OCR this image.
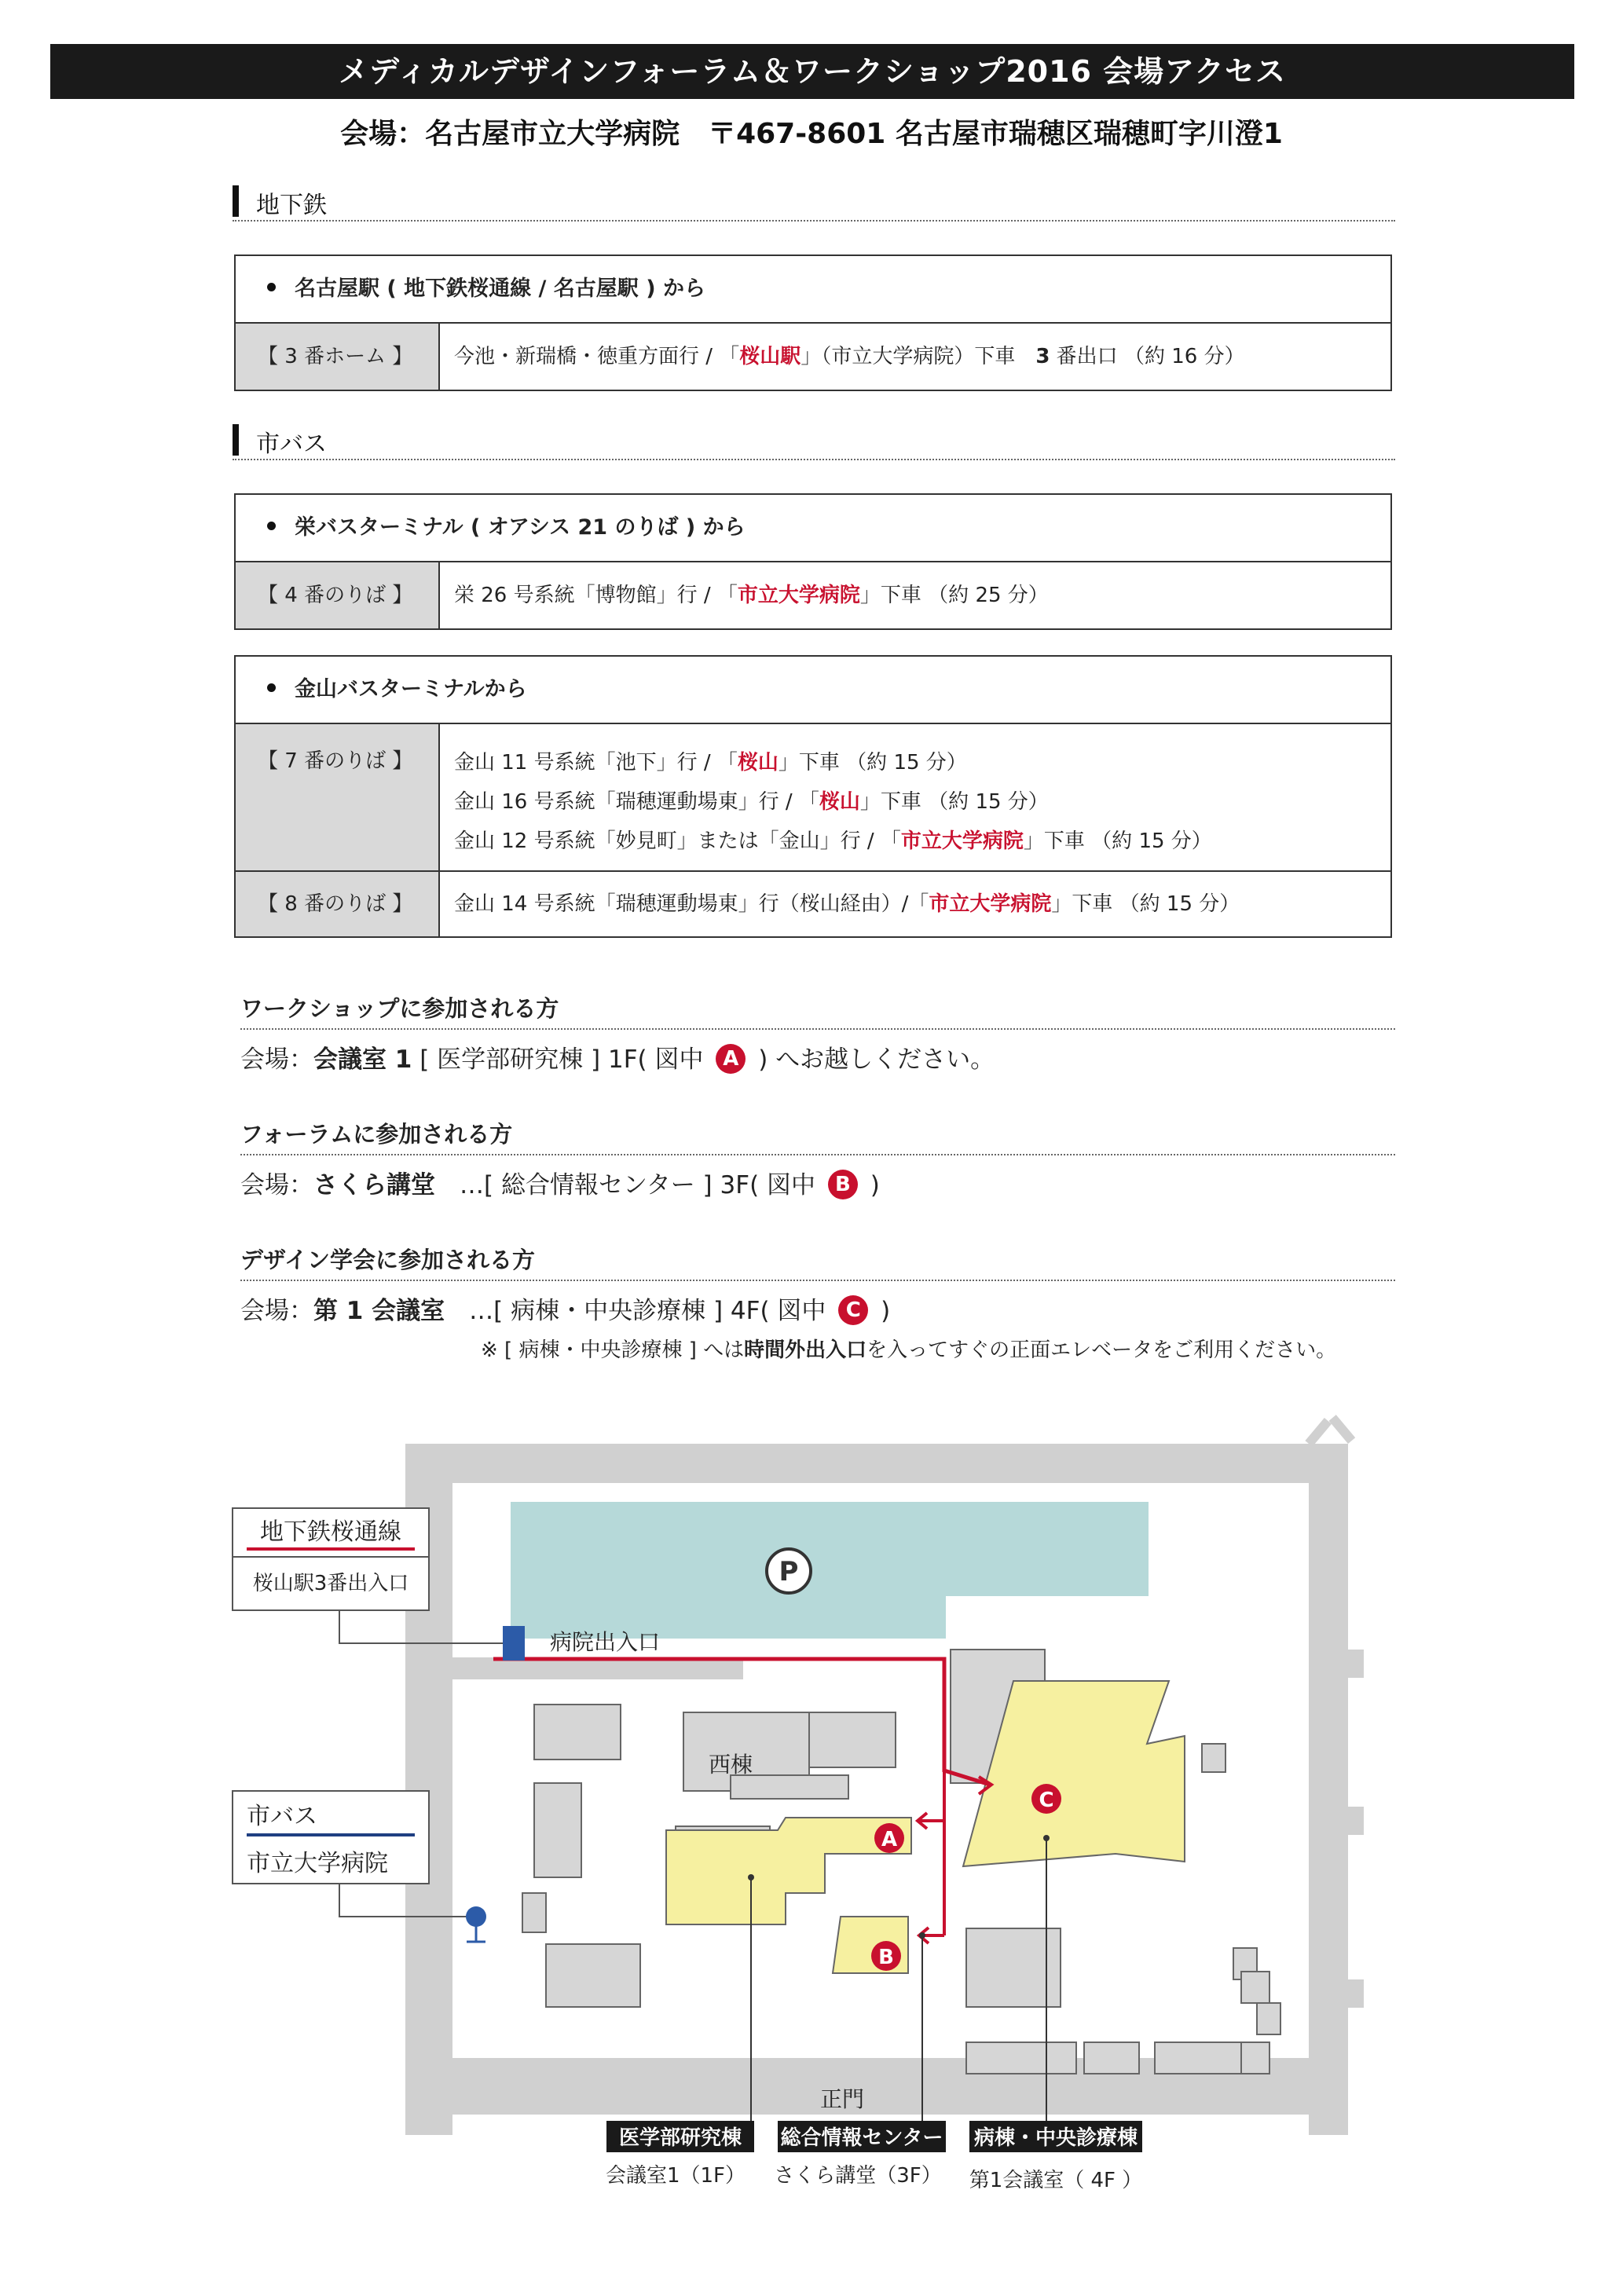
メディカルデザインフォーラム＆ワークショップ2016 会場アクセス
会場：名古屋市立大学病院　〒467-8601 名古屋市瑞穂区瑞穂町字川澄1
地下鉄
名古屋駅 ( 地下鉄桜通線 / 名古屋駅 ) から
【 3 番ホーム 】	今池・新瑞橋・徳重方面行 / 「桜山駅」（市立大学病院）下車　3 番出口 （約 16 分）
市バス
栄バスターミナル ( オアシス 21 のりば ) から
【 4 番のりば 】	栄 26 号系統「博物館」行 / 「市立大学病院」下車 （約 25 分）
金山バスターミナルから
【 7 番のりば 】	金山 11 号系統「池下」行 / 「桜山」下車 （約 15 分）
金山 16 号系統「瑞穂運動場東」行 / 「桜山」下車 （約 15 分）
金山 12 号系統「妙見町」または「金山」行 / 「市立大学病院」下車 （約 15 分）
【 8 番のりば 】	金山 14 号系統「瑞穂運動場東」行（桜山経由）/「市立大学病院」下車 （約 15 分）
ワークショップに参加される方
会場：会議室 1 [ 医学部研究棟 ] 1F( 図中 A ) へお越しください。
フォーラムに参加される方
会場：さくら講堂　…[ 総合情報センター ] 3F( 図中 B )
デザイン学会に参加される方
会場：第 1 会議室　…[ 病棟・中央診療棟 ] 4F( 図中 C )
※ [ 病棟・中央診療棟 ] へは時間外出入口を入ってすぐの正面エレベータをご利用ください。
P
A
B
C
病院出入口
西棟
正門
地下鉄桜通線
桜山駅3番出入口
市バス
市立大学病院
医学部研究棟
会議室1（1F）
総合情報センター
さくら講堂（3F）
病棟・中央診療棟
第1会議室（ 4F ）
